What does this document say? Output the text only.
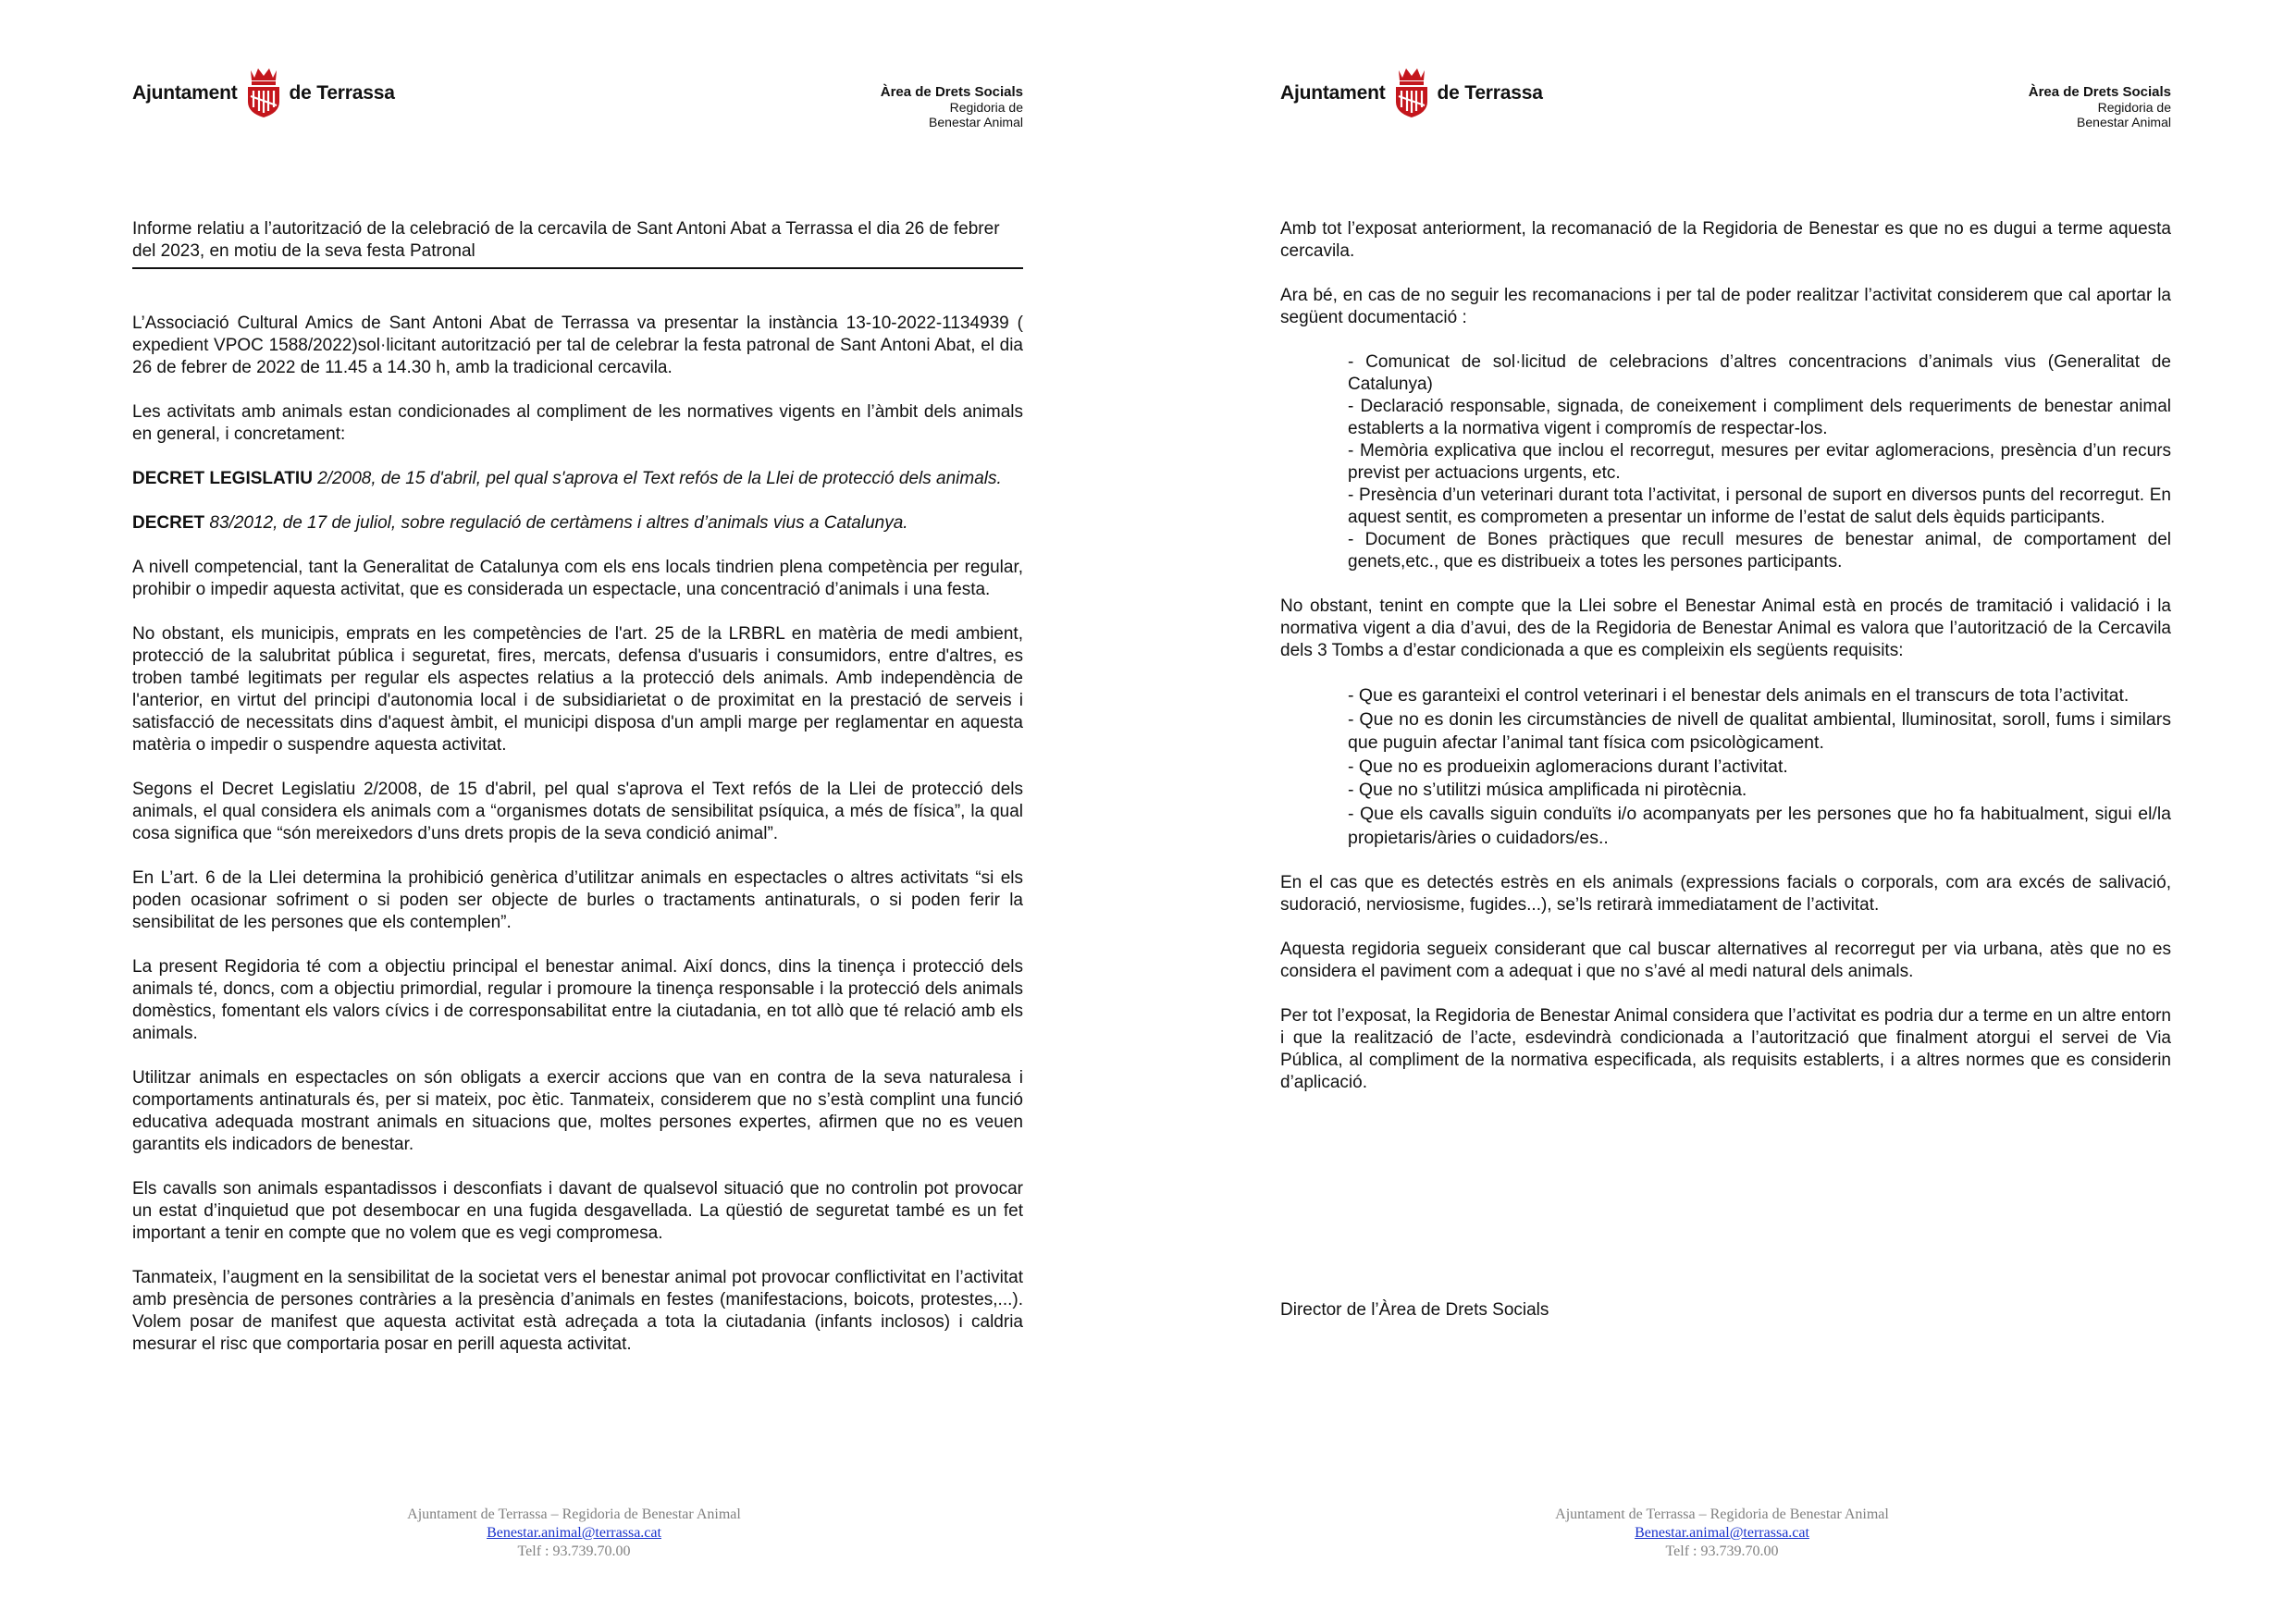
Ajuntament	de Terrassa	Àrea de Drets Socials
Regidoria de
Benestar Animal
Informe relatiu a l’autorització de la celebració de la cercavila de Sant Antoni Abat a Terrassa el dia 26 de febrer del 2023, en motiu de la seva festa Patronal

L’Associació Cultural Amics de Sant Antoni Abat de Terrassa va presentar la instància 13-10-2022-1134939 ( expedient VPOC 1588/2022)sol·licitant autorització per tal de celebrar la festa patronal de Sant Antoni Abat, el dia 26 de febrer de 2022 de 11.45 a 14.30 h, amb la tradicional cercavila.

Les activitats amb animals estan condicionades al compliment de les normatives vigents en l’àmbit dels animals en general, i concretament:

DECRET LEGISLATIU 2/2008, de 15 d'abril, pel qual s'aprova el Text refós de la Llei de protecció dels animals.

DECRET 83/2012, de 17 de juliol, sobre regulació de certàmens i altres d’animals vius a Catalunya.

A nivell competencial, tant la Generalitat de Catalunya com els ens locals tindrien plena competència per regular, prohibir o impedir aquesta activitat, que es considerada un espectacle, una concentració d’animals i una festa.

No obstant, els municipis, emprats en les competències de l'art. 25 de la LRBRL en matèria de medi ambient, protecció de la salubritat pública i seguretat, fires, mercats, defensa d'usuaris i consumidors, entre d'altres, es troben també legitimats per regular els aspectes relatius a la protecció dels animals. Amb independència de l'anterior, en virtut del principi d'autonomia local i de subsidiarietat o de proximitat en la prestació de serveis i satisfacció de necessitats dins d'aquest àmbit, el municipi disposa d'un ampli marge per reglamentar en aquesta matèria o impedir o suspendre aquesta activitat.

Segons el Decret Legislatiu 2/2008, de 15 d'abril, pel qual s'aprova el Text refós de la Llei de protecció dels animals, el qual considera els animals com a “organismes dotats de sensibilitat psíquica, a més de física”, la qual cosa significa que “són mereixedors d’uns drets propis de la seva condició animal”.

En L’art. 6 de la Llei determina la prohibició genèrica d’utilitzar animals en espectacles o altres activitats “si els poden ocasionar sofriment o si poden ser objecte de burles o tractaments antinaturals, o si poden ferir la sensibilitat de les persones que els contemplen”.

La present Regidoria té com a objectiu principal el benestar animal. Així doncs, dins la tinença i protecció dels animals té, doncs, com a objectiu primordial, regular i promoure la tinença responsable i la protecció dels animals domèstics, fomentant els valors cívics i de corresponsabilitat entre la ciutadania, en tot allò que té relació amb els animals.

Utilitzar animals en espectacles on són obligats a exercir accions que van en contra de la seva naturalesa i comportaments antinaturals és, per si mateix, poc ètic. Tanmateix, considerem que no s’està complint una funció educativa adequada mostrant animals en situacions que, moltes persones expertes, afirmen que no es veuen garantits els indicadors de benestar.

Els cavalls son animals espantadissos i desconfiats i davant de qualsevol situació que no controlin pot provocar un estat d’inquietud que pot desembocar en una fugida desgavellada. La qüestió de seguretat també es un fet important a tenir en compte que no volem que es vegi compromesa.

Tanmateix, l’augment en la sensibilitat de la societat vers el benestar animal pot provocar conflictivitat en l’activitat amb presència de persones contràries a la presència d’animals en festes (manifestacions, boicots, protestes,...). Volem posar de manifest que aquesta activitat està adreçada a tota la ciutadania (infants inclosos) i caldria mesurar el risc que comportaria posar en perill aquesta activitat.

Ajuntament de Terrassa – Regidoria de Benestar Animal
Benestar.animal@terrassa.cat
Telf : 93.739.70.00
Ajuntament	de Terrassa	Àrea de Drets Socials
Regidoria de
Benestar Animal

Amb tot l’exposat anteriorment, la recomanació de la Regidoria de Benestar es que no es dugui a terme aquesta cercavila.

Ara bé, en cas de no seguir les recomanacions i per tal de poder realitzar l’activitat considerem que cal aportar la següent documentació :

- Comunicat de sol·licitud de celebracions d’altres concentracions d’animals vius (Generalitat de Catalunya)
- Declaració responsable, signada, de coneixement i compliment dels requeriments de benestar animal establerts a la normativa vigent i compromís de respectar-los.
- Memòria explicativa que inclou el recorregut, mesures per evitar aglomeracions, presència d’un recurs previst per actuacions urgents, etc.
- Presència d’un veterinari durant tota l’activitat, i personal de suport en diversos punts del recorregut. En aquest sentit, es comprometen a presentar un informe de l’estat de salut dels èquids participants.
- Document de Bones pràctiques que recull mesures de benestar animal, de comportament del genets,etc., que es distribueix a totes les persones participants.

No obstant, tenint en compte que la Llei sobre el Benestar Animal està en procés de tramitació i validació i la normativa vigent a dia d’avui, des de la Regidoria de Benestar Animal es valora que l’autorització de la Cercavila dels 3 Tombs a d’estar condicionada a que es compleixin els següents requisits:

- Que es garanteixi el control veterinari i el benestar dels animals en el transcurs de tota l’activitat.
- Que no es donin les circumstàncies de nivell de qualitat ambiental, lluminositat, soroll, fums i similars que puguin afectar l’animal tant física com psicològicament.
- Que no es produeixin aglomeracions durant l’activitat.
- Que no s’utilitzi música amplificada ni pirotècnia.
- Que els cavalls siguin conduïts i/o acompanyats per les persones que ho fa habitualment, sigui el/la propietaris/àries o cuidadors/es..

En el cas que es detectés estrès en els animals (expressions facials o corporals, com ara excés de salivació, sudoració, nerviosisme, fugides...), se’ls retirarà immediatament de l’activitat.

Aquesta regidoria segueix considerant que cal buscar alternatives al recorregut per via urbana, atès que no es considera el paviment com a adequat i que no s’avé al medi natural dels animals.

Per tot l’exposat, la Regidoria de Benestar Animal considera que l’activitat es podria dur a terme en un altre entorn i que la realització de l’acte, esdevindrà condicionada a l’autorització que finalment atorgui el servei de Via Pública, al compliment de la normativa especificada, als requisits establerts, i a altres normes que es considerin d’aplicació.

Director de l’Àrea de Drets Socials
Ajuntament de Terrassa – Regidoria de Benestar Animal
Benestar.animal@terrassa.cat
Telf : 93.739.70.00
